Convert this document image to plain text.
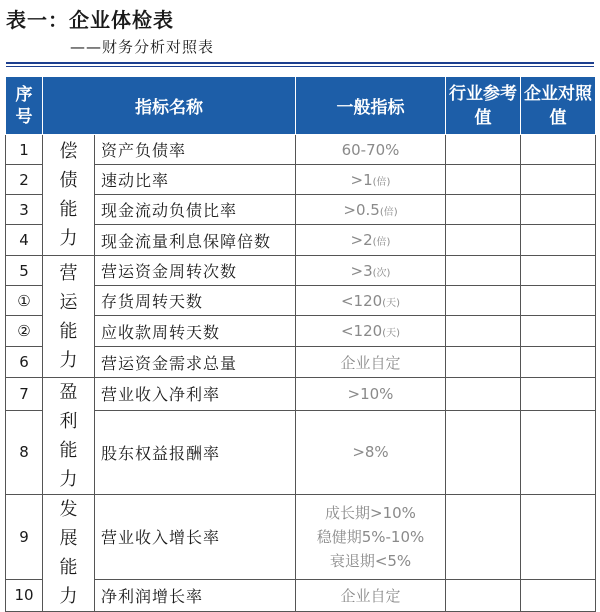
表一：企业体检表
——财务分析对照表
序号	指标名称		一般指标	行业参考值	企业对照值
1	偿债能力	资产负债率	60-70%		
2		速动比率	>1(倍)		
3		现金流动负债比率	>0.5(倍)		
4		现金流量利息保障倍数	>2(倍)		
5	营运能力	营运资金周转次数	>3(次)		
①		存货周转天数	<120(天)		
②		应收款周转天数	<120(天)		
6		营运资金需求总量	企业自定		
7	盈利能力	营业收入净利率	>10%		
8		股东权益报酬率	>8%		
9	发展能力	营业收入增长率	成长期>10%
稳健期5%-10%
衰退期<5%		

10		净利润增长率	企业自定		
